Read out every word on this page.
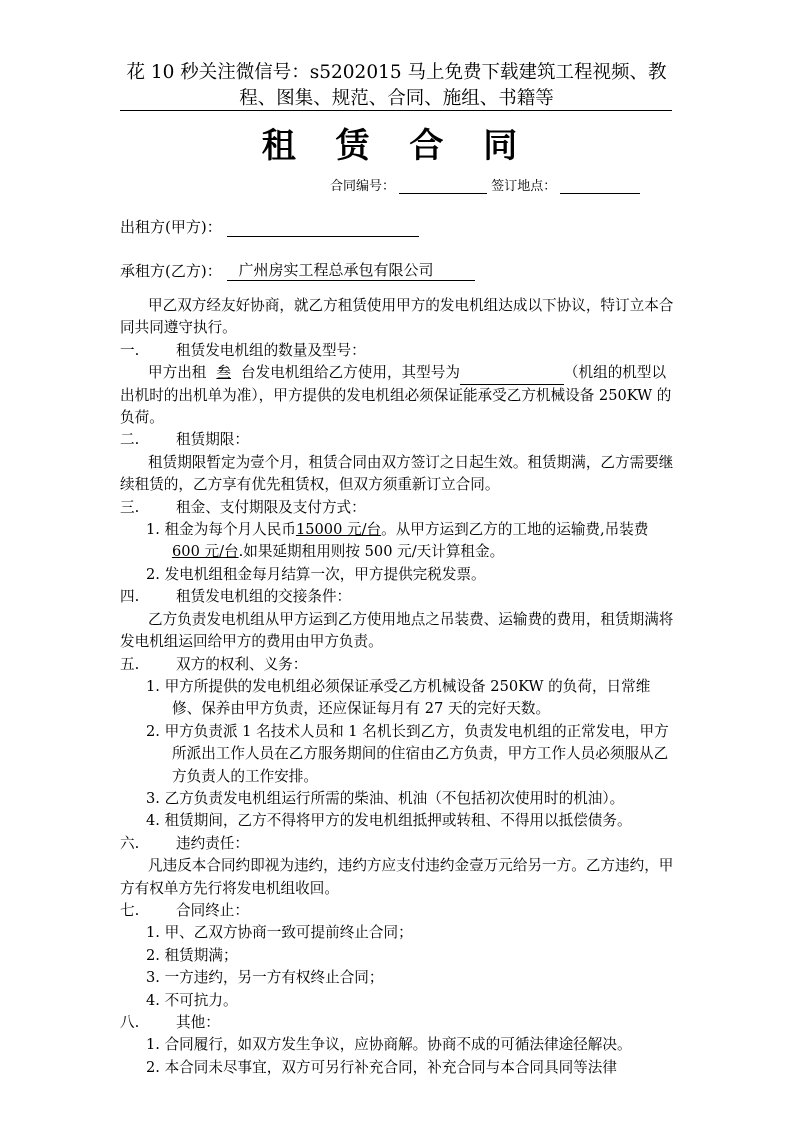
花 10 秒关注微信号：s5202015 马上免费下载建筑工程视频、教
程、图集、规范、合同、施组、书籍等
租 赁 合 同
合同编号：	签订地点：
出租方(甲方)：
承租方(乙方)： 广州房实工程总承包有限公司

甲乙双方经友好协商，就乙方租赁使用甲方的发电机组达成以下协议，特订立本合同共同遵守执行。

一.	租赁发电机组的数量及型号：

甲方出租 叁 台发电机组给乙方使用，其型号为	（机组的机型以出机时的出机单为准），甲方提供的发电机组必须保证能承受乙方机械设备 250KW 的负荷。

二.	租赁期限：

租赁期限暂定为壹个月，租赁合同由双方签订之日起生效。租赁期满，乙方需要继续租赁的，乙方享有优先租赁权，但双方须重新订立合同。

三.	租金、支付期限及支付方式：

1. 租金为每个月人民币15000 元/台。从甲方运到乙方的工地的运输费,吊装费600 元/台.如果延期租用则按 500 元/天计算租金。

2. 发电机组租金每月结算一次，甲方提供完税发票。

四.	租赁发电机组的交接条件：

乙方负责发电机组从甲方运到乙方使用地点之吊装费、运输费的费用，租赁期满将发电机组运回给甲方的费用由甲方负责。

五.	双方的权利、义务：

1. 甲方所提供的发电机组必须保证承受乙方机械设备 250KW 的负荷，日常维修、保养由甲方负责，还应保证每月有 27 天的完好天数。

2. 甲方负责派 1 名技术人员和 1 名机长到乙方，负责发电机组的正常发电，甲方所派出工作人员在乙方服务期间的住宿由乙方负责，甲方工作人员必须服从乙方负责人的工作安排。

3. 乙方负责发电机组运行所需的柴油、机油（不包括初次使用时的机油）。

4. 租赁期间，乙方不得将甲方的发电机组抵押或转租、不得用以抵偿债务。

六.	违约责任：

凡违反本合同约即视为违约，违约方应支付违约金壹万元给另一方。乙方违约，甲方有权单方先行将发电机组收回。

七.	合同终止：

1. 甲、乙双方协商一致可提前终止合同；

2. 租赁期满；

3. 一方违约，另一方有权终止合同；

4. 不可抗力。

八.	其他：

1. 合同履行，如双方发生争议，应协商解。协商不成的可循法律途径解决。

2. 本合同未尽事宜，双方可另行补充合同，补充合同与本合同具同等法律
